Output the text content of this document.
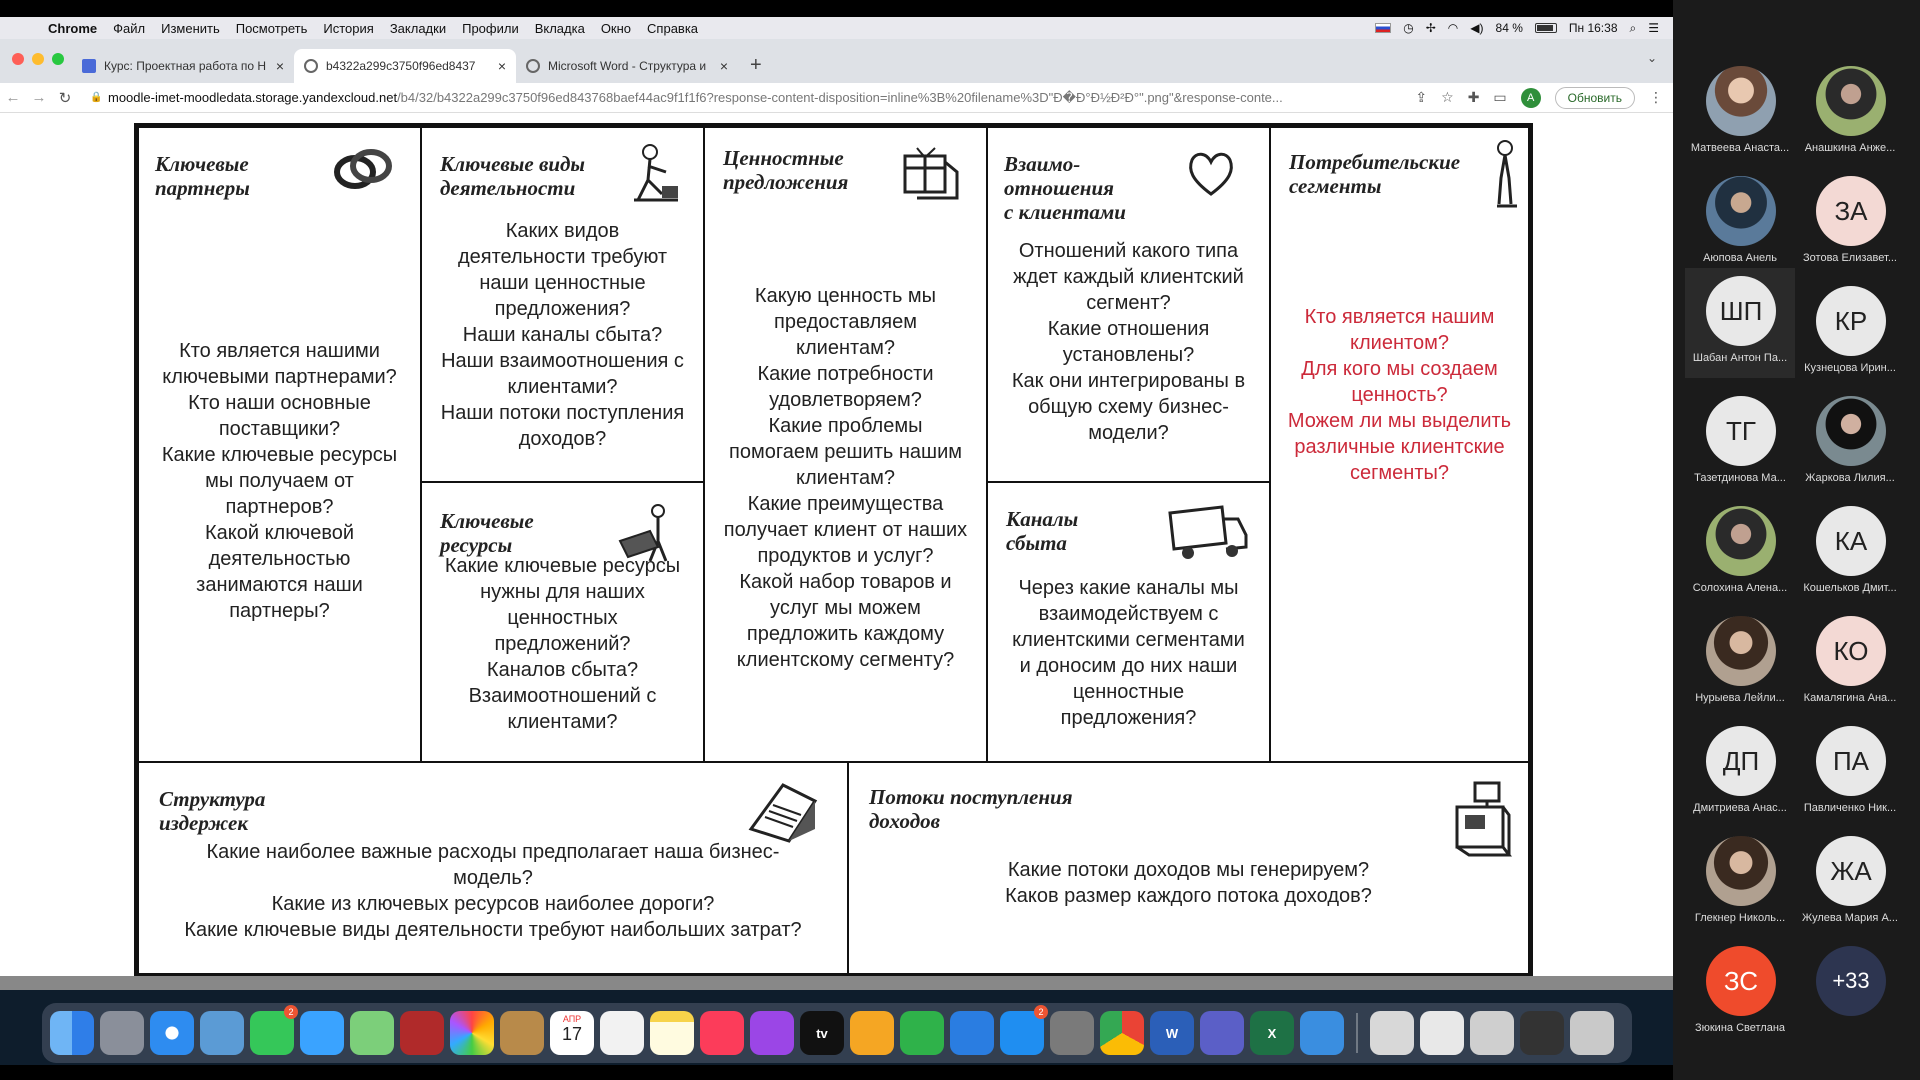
Chrome	Файл	Изменить	Посмотреть	История	Закладки	Профили	Вкладка	Окно	Справка	◷ ✢ ◠ ◀) 84 %	Пн 16:38 ⌕ ☰
Курс: Проектная работа по Н ×	b4322a299c3750f96ed8437	×	Microsoft Word - Структура и × +	⌄
← → ↻	🔒 moodle-imet-moodledata.storage.yandexcloud.net/b4/32/b4322a299c3750f96ed843768baef44ac9f1f1f6?response-content-disposition=inline%3B%20filename%3D"Ð�Ð°Ð½Ð²Ð°".png"&response-conte...	⇪ ☆ ✚ ▭	A	Обновить	⋮
Ключевые
партнеры
Кто является нашими
ключевыми партнерами?
Кто наши основные
поставщики?
Какие ключевые ресурсы
мы получаем от
партнеров?
Какой ключевой
деятельностью
занимаются наши
партнеры?
Ключевые виды
деятельности
Каких видов
деятельности требуют
наши ценностные
предложения?
Наши каналы сбыта?
Наши взаимоотношения с
клиентами?
Наши потоки поступления
доходов?
Ключевые
ресурсы
Какие ключевые ресурсы
нужны для наших
ценностных
предложений?
Каналов сбыта?
Взаимоотношений с
клиентами?
Ценностные
предложения
Какую ценность мы
предоставляем
клиентам?
Какие потребности
удовлетворяем?
Какие проблемы
помогаем решить нашим
клиентам?
Какие преимущества
получает клиент от наших
продуктов и услуг?
Какой набор товаров и
услуг мы можем
предложить каждому
клиентскому сегменту?
Взаимо-
отношения
с клиентами
Отношений какого типа
ждет каждый клиентский
сегмент?
Какие отношения
установлены?
Как они интегрированы в
общую схему бизнес-
модели?
Каналы
сбыта
Через какие каналы мы
взаимодействуем с
клиентскими сегментами
и доносим до них наши
ценностные
предложения?
Потребительские
сегменты
Кто является нашим
клиентом?
Для кого мы создаем
ценность?
Можем ли мы выделить
различные клиентские
сегменты?
Структура
издержек
Какие наиболее важные расходы предполагает наша бизнес-
модель?
Какие из ключевых ресурсов наиболее дороги?
Какие ключевые виды деятельности требуют наибольших затрат?
Потоки поступления
доходов
Какие потоки доходов мы генерируем?
Каков размер каждого потока доходов?
2
АПР
17	tv
2
W	X
Матвеева Анаста...	Анашкина Анже...
Аюпова Анель
ЗА
Зотова Елизавет...
ШП
Шабан Антон Па...
КР
Кузнецова Ирин...
ТГ
Тазетдинова Ма...	Жаркова Лилия...
Солохина Алена...
КА
Кошельков Дмит...
Нурыева Лейли...
КО
Камалягина Ана...
ДП
Дмитриева Анас...
ПА
Павличенко Ник...
Глекнер Николь...
ЖА
Жулева Мария А...
ЗС
Зюкина Светлана
+33
